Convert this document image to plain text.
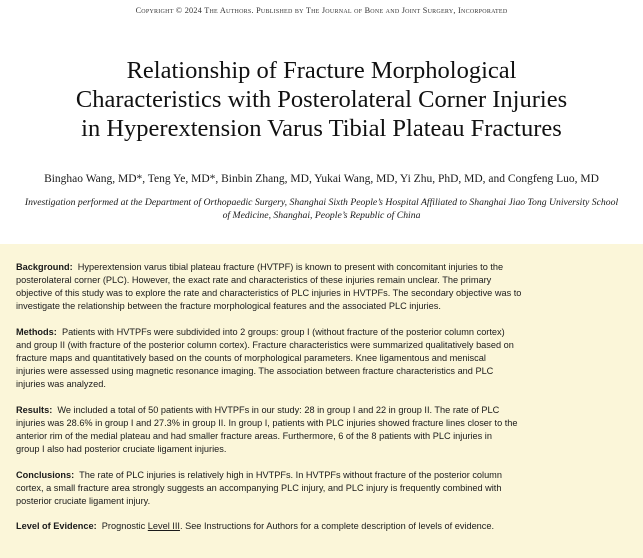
Copyright © 2024 The Authors. Published by The Journal of Bone and Joint Surgery, Incorporated
Relationship of Fracture Morphological
Characteristics with Posterolateral Corner Injuries
in Hyperextension Varus Tibial Plateau Fractures
Binghao Wang, MD*, Teng Ye, MD*, Binbin Zhang, MD, Yukai Wang, MD, Yi Zhu, PhD, MD, and Congfeng Luo, MD
Investigation performed at the Department of Orthopaedic Surgery, Shanghai Sixth People’s Hospital Affiliated to Shanghai Jiao Tong University School
of Medicine, Shanghai, People’s Republic of China
Background: Hyperextension varus tibial plateau fracture (HVTPF) is known to present with concomitant injuries to the
posterolateral corner (PLC). However, the exact rate and characteristics of these injuries remain unclear. The primary
objective of this study was to explore the rate and characteristics of PLC injuries in HVTPFs. The secondary objective was to
investigate the relationship between the fracture morphological features and the associated PLC injuries.
Methods: Patients with HVTPFs were subdivided into 2 groups: group I (without fracture of the posterior column cortex)
and group II (with fracture of the posterior column cortex). Fracture characteristics were summarized qualitatively based on
fracture maps and quantitatively based on the counts of morphological parameters. Knee ligamentous and meniscal
injuries were assessed using magnetic resonance imaging. The association between fracture characteristics and PLC
injuries was analyzed.
Results: We included a total of 50 patients with HVTPFs in our study: 28 in group I and 22 in group II. The rate of PLC
injuries was 28.6% in group I and 27.3% in group II. In group I, patients with PLC injuries showed fracture lines closer to the
anterior rim of the medial plateau and had smaller fracture areas. Furthermore, 6 of the 8 patients with PLC injuries in
group I also had posterior cruciate ligament injuries.
Conclusions: The rate of PLC injuries is relatively high in HVTPFs. In HVTPFs without fracture of the posterior column
cortex, a small fracture area strongly suggests an accompanying PLC injury, and PLC injury is frequently combined with
posterior cruciate ligament injury.
Level of Evidence: Prognostic Level III. See Instructions for Authors for a complete description of levels of evidence.
